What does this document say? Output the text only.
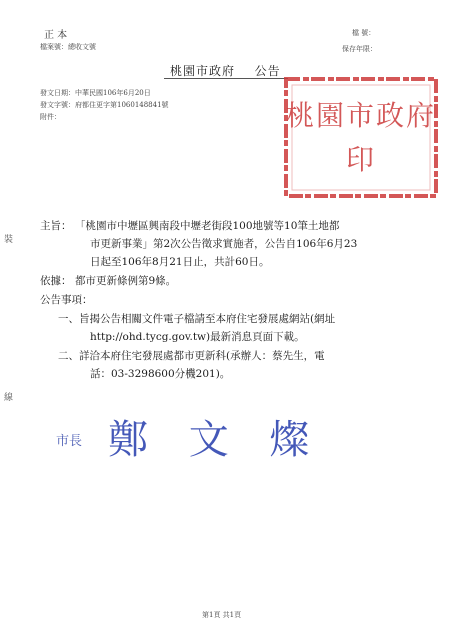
正 本
檔案號：總收文號
檔 號：
保存年限：
桃園市政府 公告
發文日期：中華民國106年6月20日
發文字號：府都住更字第1060148841號
附件：	桃園市政府印
裝
線
主旨： 「桃園市中壢區興南段中壢老街段100地號等10筆土地都
市更新事業」第2次公告徵求實施者，公告自106年6月23
日起至106年8月21日止，共計60日。
依據： 都市更新條例第9條。
公告事項：
一、旨揭公告相關文件電子檔請至本府住宅發展處網站(網址
http://ohd.tycg.gov.tw)最新消息頁面下載。
二、詳洽本府住宅發展處都市更新科(承辦人：蔡先生，電
話：03-3298600分機201)。
市長 鄭 文 燦
第1頁 共1頁
